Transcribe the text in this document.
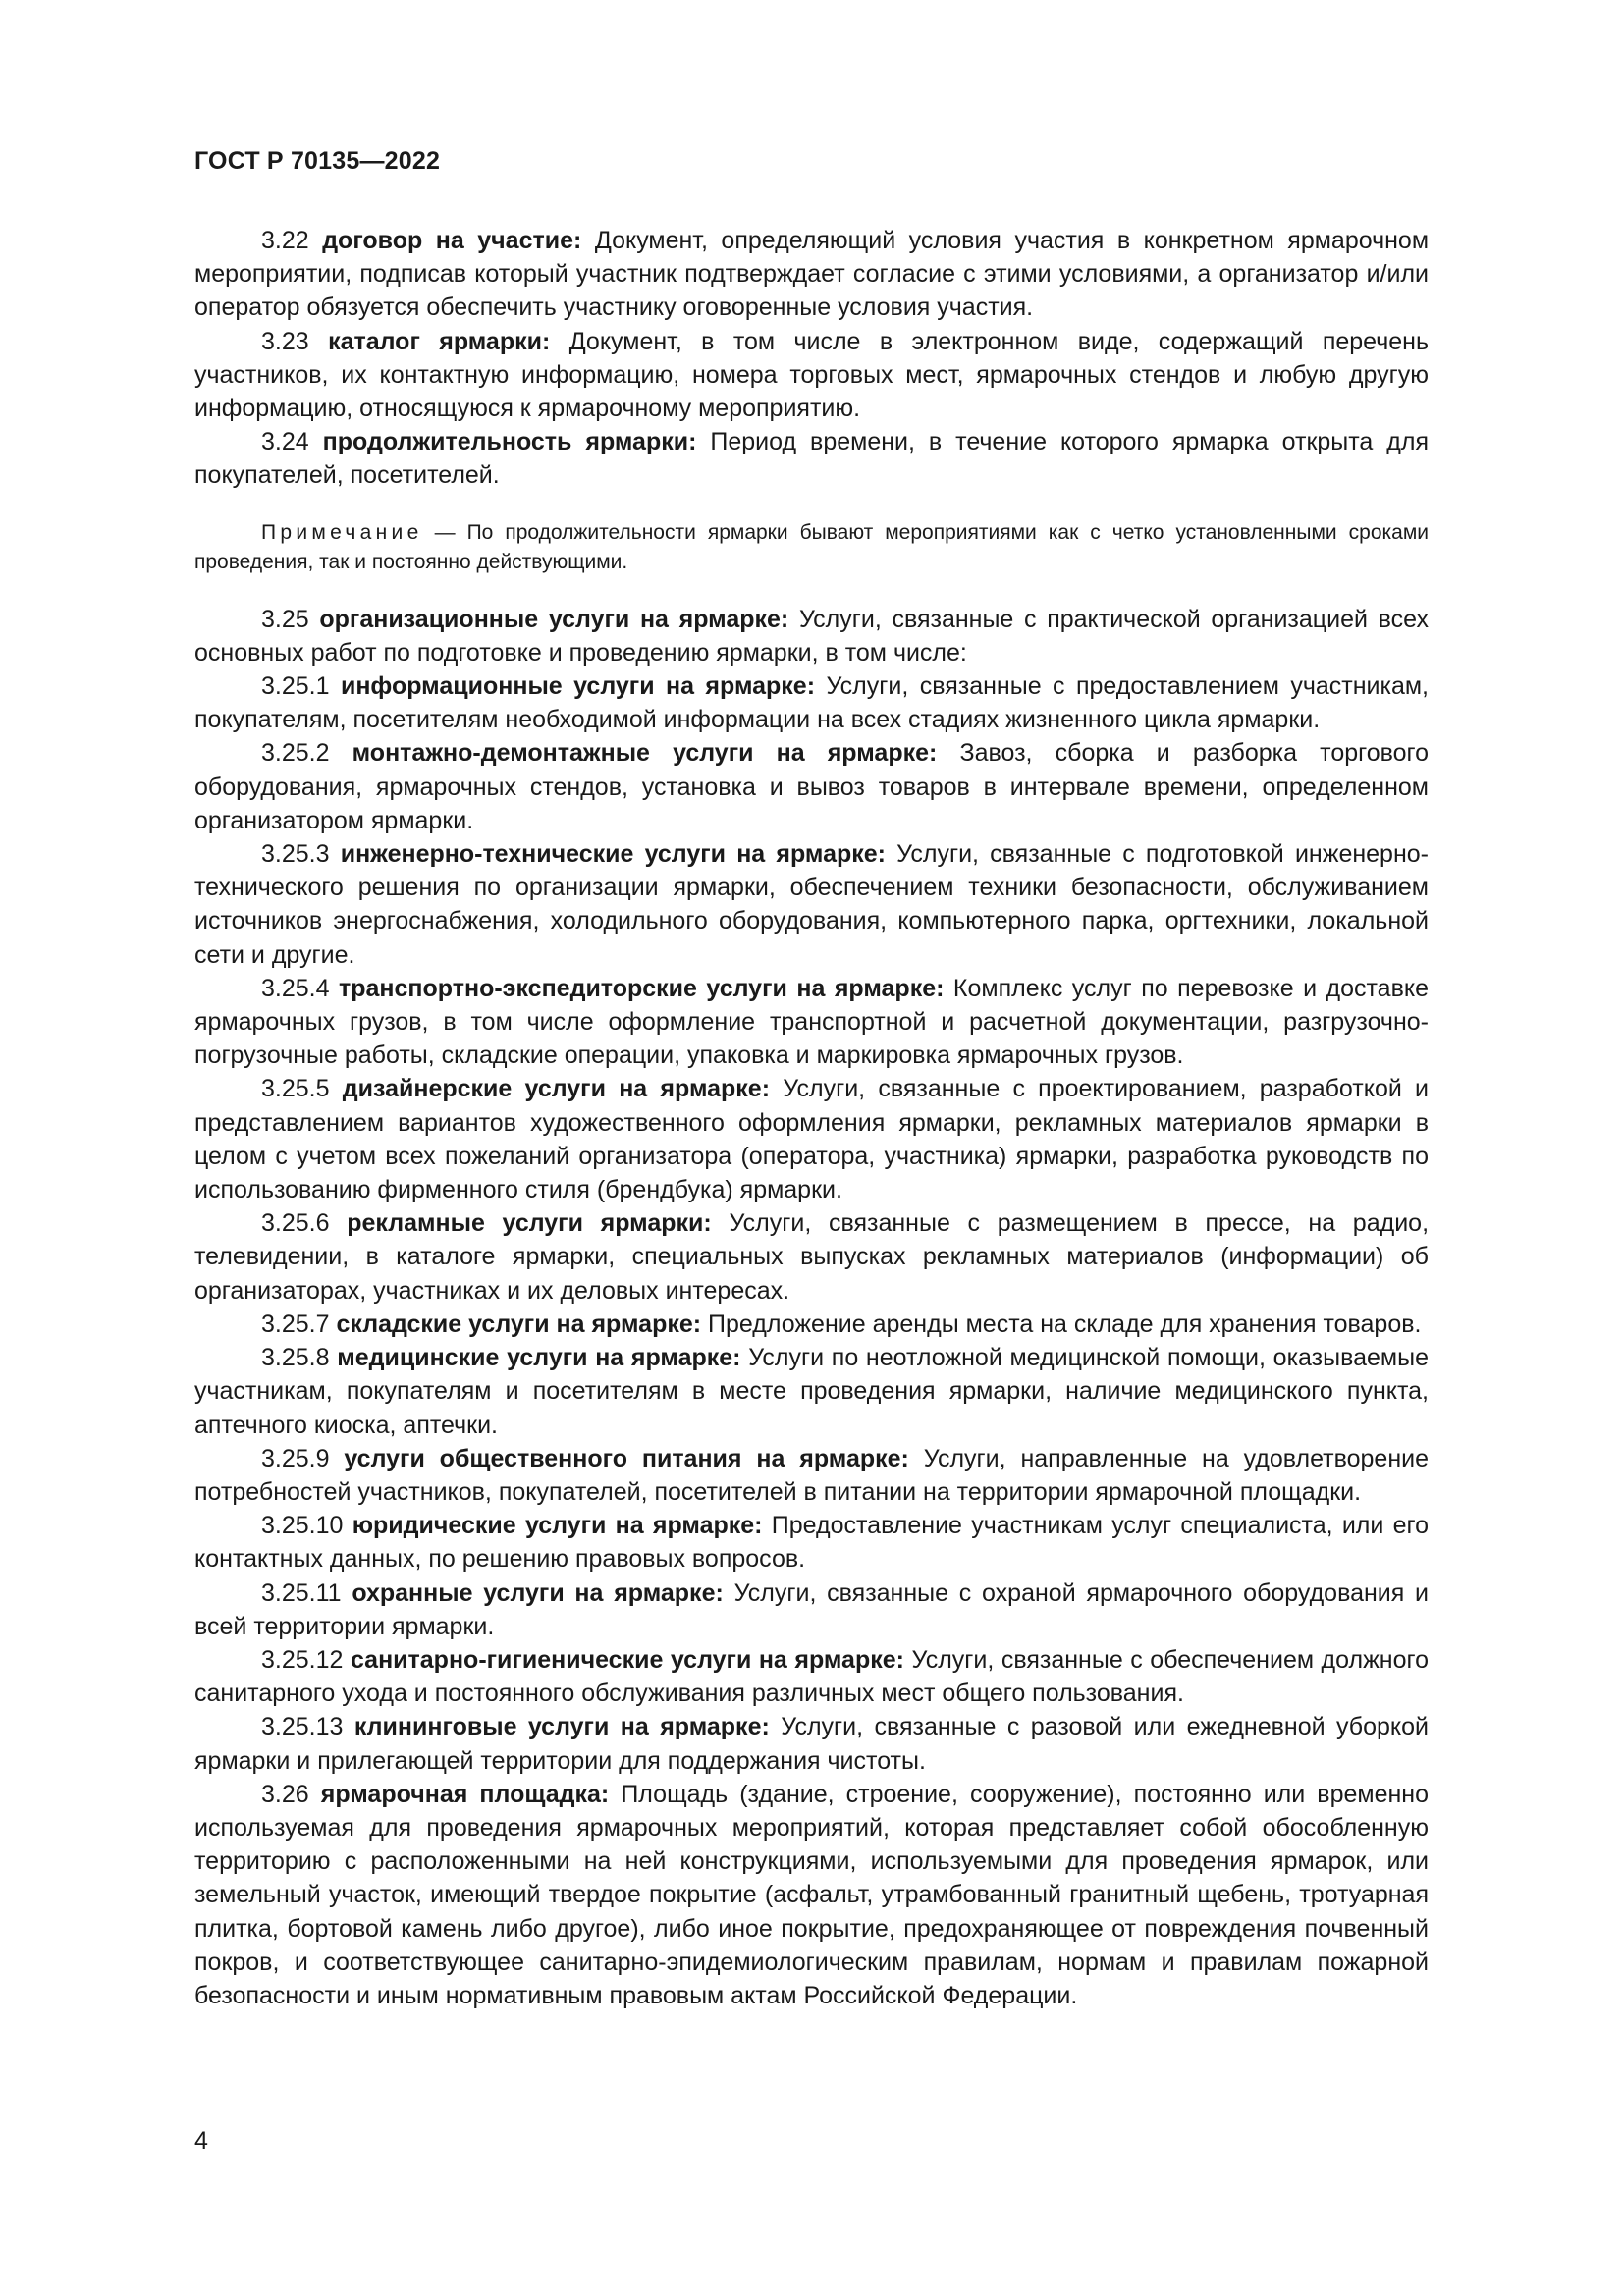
ГОСТ Р 70135—2022

3.22 договор на участие: Документ, определяющий условия участия в конкретном ярмарочном мероприятии, подписав который участник подтверждает согласие с этими условиями, а организатор и/или оператор обязуется обеспечить участнику оговоренные условия участия.

3.23 каталог ярмарки: Документ, в том числе в электронном виде, содержащий перечень участников, их контактную информацию, номера торговых мест, ярмарочных стендов и любую другую информацию, относящуюся к ярмарочному мероприятию.

3.24 продолжительность ярмарки: Период времени, в течение которого ярмарка открыта для покупателей, посетителей.

Примечание — По продолжительности ярмарки бывают мероприятиями как с четко установленными сроками проведения, так и постоянно действующими.

3.25 организационные услуги на ярмарке: Услуги, связанные с практической организацией всех основных работ по подготовке и проведению ярмарки, в том числе:

3.25.1 информационные услуги на ярмарке: Услуги, связанные с предоставлением участникам, покупателям, посетителям необходимой информации на всех стадиях жизненного цикла ярмарки.

3.25.2 монтажно-демонтажные услуги на ярмарке: Завоз, сборка и разборка торгового оборудования, ярмарочных стендов, установка и вывоз товаров в интервале времени, определенном организатором ярмарки.

3.25.3 инженерно-технические услуги на ярмарке: Услуги, связанные с подготовкой инженерно-технического решения по организации ярмарки, обеспечением техники безопасности, обслуживанием источников энергоснабжения, холодильного оборудования, компьютерного парка, оргтехники, локальной сети и другие.

3.25.4 транспортно-экспедиторские услуги на ярмарке: Комплекс услуг по перевозке и доставке ярмарочных грузов, в том числе оформление транспортной и расчетной документации, разгрузочно-погрузочные работы, складские операции, упаковка и маркировка ярмарочных грузов.

3.25.5 дизайнерские услуги на ярмарке: Услуги, связанные с проектированием, разработкой и представлением вариантов художественного оформления ярмарки, рекламных материалов ярмарки в целом с учетом всех пожеланий организатора (оператора, участника) ярмарки, разработка руководств по использованию фирменного стиля (брендбука) ярмарки.

3.25.6 рекламные услуги ярмарки: Услуги, связанные с размещением в прессе, на радио, телевидении, в каталоге ярмарки, специальных выпусках рекламных материалов (информации) об организаторах, участниках и их деловых интересах.

3.25.7 складские услуги на ярмарке: Предложение аренды места на складе для хранения товаров.

3.25.8 медицинские услуги на ярмарке: Услуги по неотложной медицинской помощи, оказываемые участникам, покупателям и посетителям в месте проведения ярмарки, наличие медицинского пункта, аптечного киоска, аптечки.

3.25.9 услуги общественного питания на ярмарке: Услуги, направленные на удовлетворение потребностей участников, покупателей, посетителей в питании на территории ярмарочной площадки.

3.25.10 юридические услуги на ярмарке: Предоставление участникам услуг специалиста, или его контактных данных, по решению правовых вопросов.

3.25.11 охранные услуги на ярмарке: Услуги, связанные с охраной ярмарочного оборудования и всей территории ярмарки.

3.25.12 санитарно-гигиенические услуги на ярмарке: Услуги, связанные с обеспечением должного санитарного ухода и постоянного обслуживания различных мест общего пользования.

3.25.13 клининговые услуги на ярмарке: Услуги, связанные с разовой или ежедневной уборкой ярмарки и прилегающей территории для поддержания чистоты.

3.26 ярмарочная площадка: Площадь (здание, строение, сооружение), постоянно или временно используемая для проведения ярмарочных мероприятий, которая представляет собой обособленную территорию с расположенными на ней конструкциями, используемыми для проведения ярмарок, или земельный участок, имеющий твердое покрытие (асфальт, утрамбованный гранитный щебень, тротуарная плитка, бортовой камень либо другое), либо иное покрытие, предохраняющее от повреждения почвенный покров, и соответствующее санитарно-эпидемиологическим правилам, нормам и правилам пожарной безопасности и иным нормативным правовым актам Российской Федерации.

4
